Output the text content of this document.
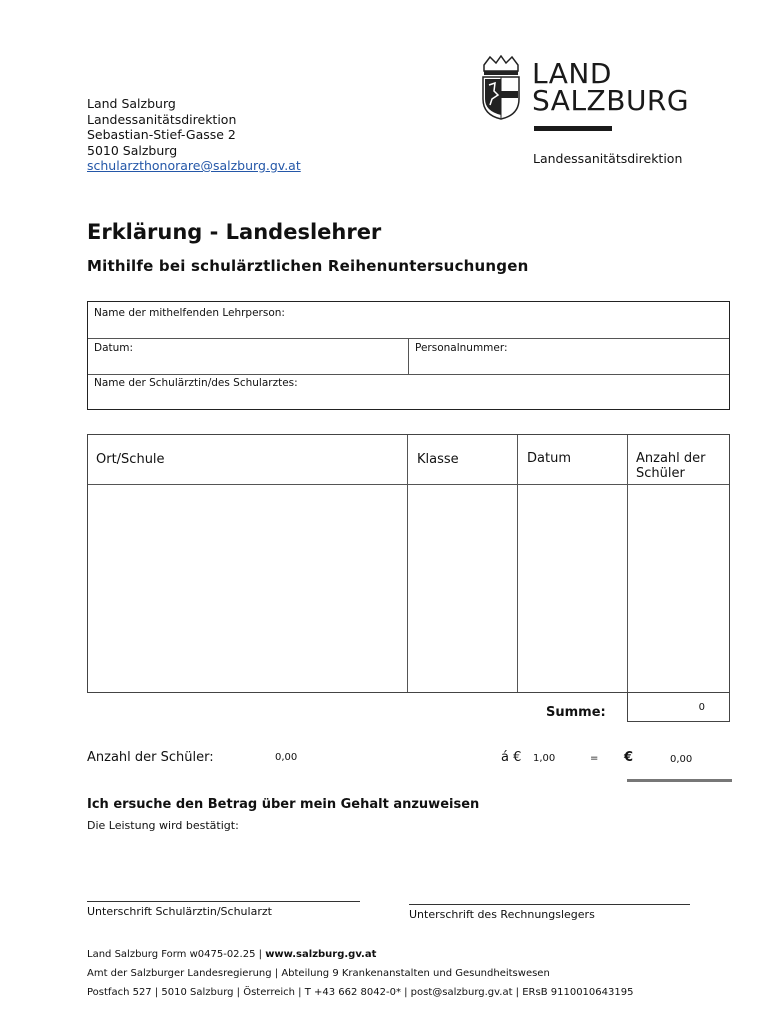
Land Salzburg
Landessanitätsdirektion
Sebastian-Stief-Gasse 2
5010 Salzburg
schularzthonorare@salzburg.gv.at
LAND
SALZBURG
Landessanitätsdirektion
Erklärung - Landeslehrer
Mithilfe bei schulärztlichen Reihenuntersuchungen
Name der mithelfenden Lehrperson:
Datum:	Personalnummer:
Name der Schulärztin/des Schularztes:
Ort/Schule	Klasse	Datum	Anzahl der Schüler
Summe:	0
Anzahl der Schüler:	0,00	á € 1,00	= €	0,00
Ich ersuche den Betrag über mein Gehalt anzuweisen
Die Leistung wird bestätigt:
Unterschrift Schulärztin/Schularzt	Unterschrift des Rechnungslegers
Land Salzburg Form w0475-02.25 | www.salzburg.gv.at
Amt der Salzburger Landesregierung | Abteilung 9 Krankenanstalten und Gesundheitswesen
Postfach 527 | 5010 Salzburg | Österreich | T +43 662 8042-0* | post@salzburg.gv.at | ERsB 9110010643195
